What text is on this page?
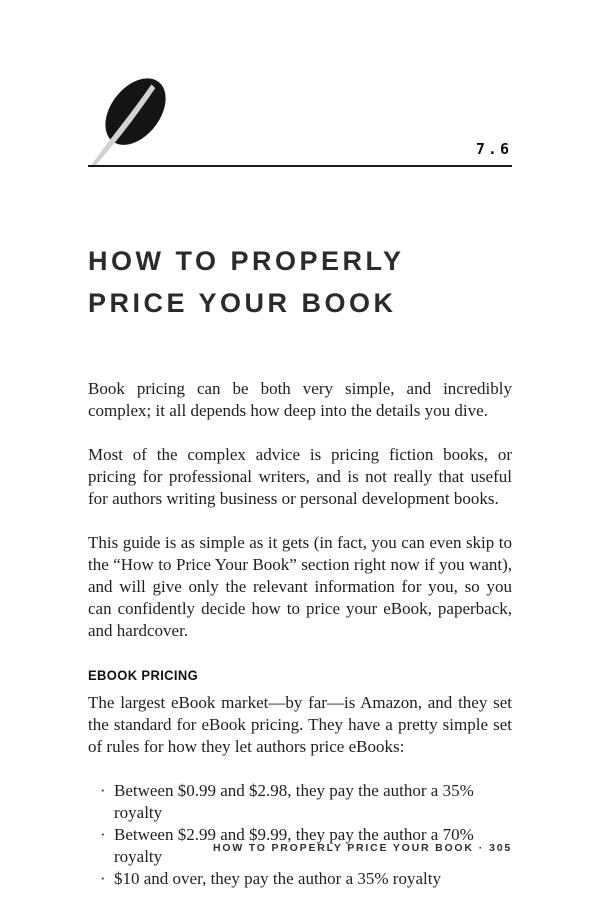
7.6
HOW TO PROPERLY
PRICE YOUR BOOK

Book pricing can be both very simple, and incredibly complex; it all depends how deep into the details you dive.

Most of the complex advice is pricing fiction books, or pricing for professional writers, and is not really that useful for authors writing business or personal development books.

This guide is as simple as it gets (in fact, you can even skip to the “How to Price Your Book” section right now if you want), and will give only the relevant information for you, so you can confidently decide how to price your eBook, paperback, and hardcover.

EBOOK PRICING

The largest eBook market—by far—is Amazon, and they set the standard for eBook pricing. They have a pretty simple set of rules for how they let authors price eBooks:

· Between $0.99 and $2.98, they pay the author a 35% royalty
· Between $2.99 and $9.99, they pay the author a 70% royalty
· $10 and over, they pay the author a 35% royalty
HOW TO PROPERLY PRICE YOUR BOOK · 305
